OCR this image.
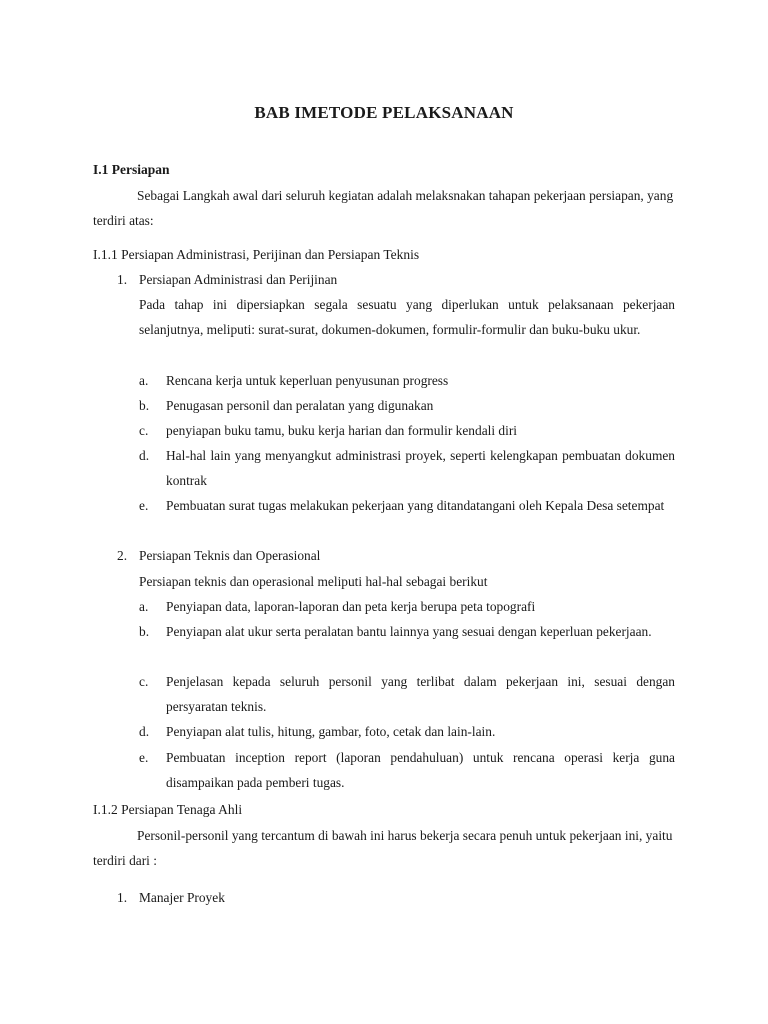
BAB IMETODE PELAKSANAAN
I.1 Persiapan
Sebagai Langkah awal dari seluruh kegiatan adalah melaksnakan tahapan pekerjaan persiapan, yang terdiri atas:
I.1.1 Persiapan Administrasi, Perijinan dan Persiapan Teknis
1. Persiapan Administrasi dan Perijinan
Pada tahap ini dipersiapkan segala sesuatu yang diperlukan untuk pelaksanaan pekerjaan selanjutnya, meliputi: surat-surat, dokumen-dokumen, formulir-formulir dan buku-buku ukur.
a. Rencana kerja untuk keperluan penyusunan progress
b. Penugasan personil dan peralatan yang digunakan
c. penyiapan buku tamu, buku kerja harian dan formulir kendali diri
d. Hal-hal lain yang menyangkut administrasi proyek, seperti kelengkapan pembuatan dokumen kontrak
e. Pembuatan surat tugas melakukan pekerjaan yang ditandatangani oleh Kepala Desa setempat
2. Persiapan Teknis dan Operasional
Persiapan teknis dan operasional meliputi hal-hal sebagai berikut
a. Penyiapan data, laporan-laporan dan peta kerja berupa peta topografi
b. Penyiapan alat ukur serta peralatan bantu lainnya yang sesuai dengan keperluan pekerjaan.
c. Penjelasan kepada seluruh personil yang terlibat dalam pekerjaan ini, sesuai dengan persyaratan teknis.
d. Penyiapan alat tulis, hitung, gambar, foto, cetak dan lain-lain.
e. Pembuatan inception report (laporan pendahuluan) untuk rencana operasi kerja guna disampaikan pada pemberi tugas.
I.1.2 Persiapan Tenaga Ahli
Personil-personil yang tercantum di bawah ini harus bekerja secara penuh untuk pekerjaan ini, yaitu terdiri dari :
1. Manajer Proyek
